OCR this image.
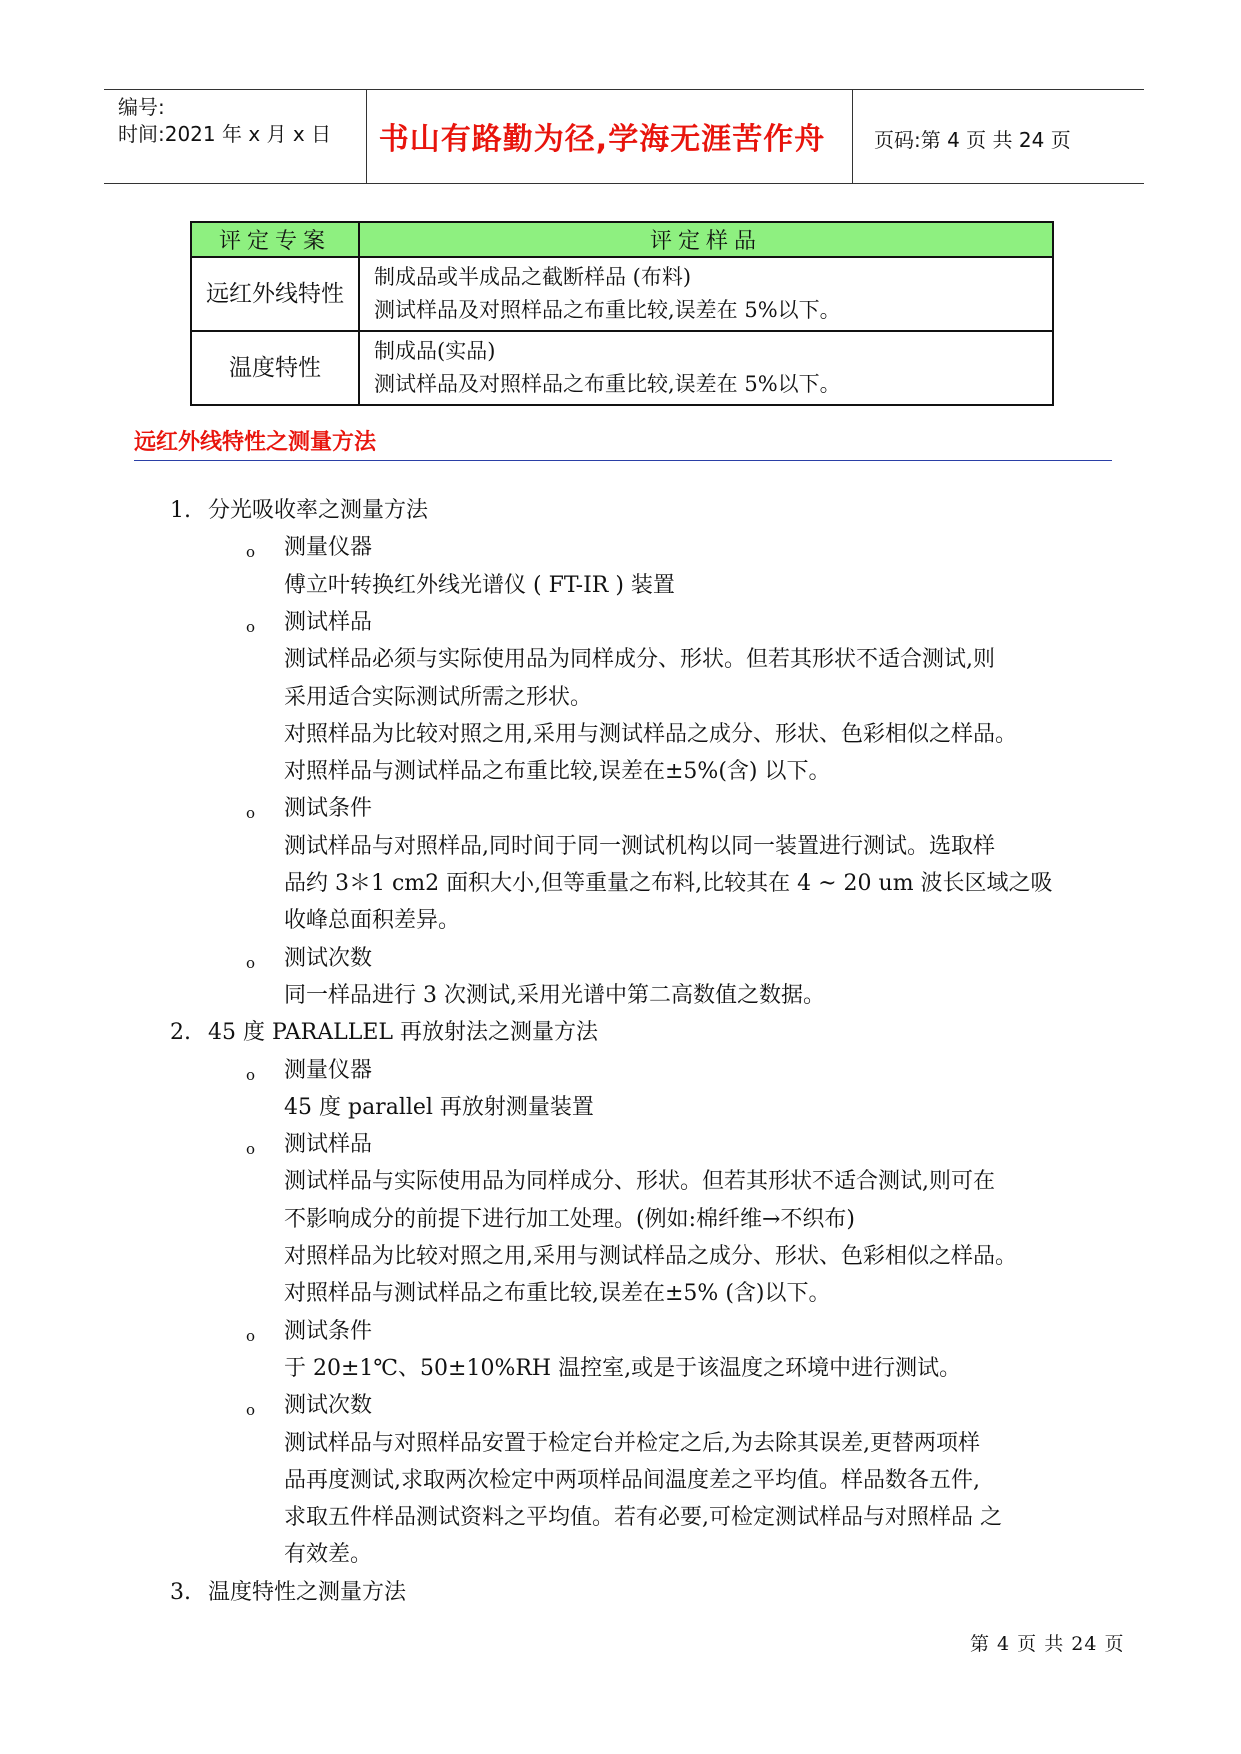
编号:
时间:2021 年 x 月 x 日	书山有路勤为径,学海无涯苦作舟	页码:第 4 页 共 24 页
评定专案	评定样品
远红外线特性	制成品或半成品之截断样品 (布料)
测试样品及对照样品之布重比较,误差在 5%以下。

温度特性	制成品(实品)
测试样品及对照样品之布重比较,误差在 5%以下。
远红外线特性之测量方法
1. 分光吸收率之测量方法
o 测量仪器
傅立叶转换红外线光谱仪 ( FT-IR ) 装置
o 测试样品
测试样品必须与实际使用品为同样成分、形状。但若其形状不适合测试,则
采用适合实际测试所需之形状。
对照样品为比较对照之用,采用与测试样品之成分、形状、色彩相似之样品。
对照样品与测试样品之布重比较,误差在±5%(含) 以下。
o 测试条件
测试样品与对照样品,同时间于同一测试机构以同一装置进行测试。选取样
品约 3＊1 cm2 面积大小,但等重量之布料,比较其在 4 ~ 20 um 波长区域之吸
收峰总面积差异。
o 测试次数
同一样品进行 3 次测试,采用光谱中第二高数值之数据。
2. 45 度 PARALLEL 再放射法之测量方法
o 测量仪器
45 度 parallel 再放射测量装置
o 测试样品
测试样品与实际使用品为同样成分、形状。但若其形状不适合测试,则可在
不影响成分的前提下进行加工处理。(例如:棉纤维→不织布)
对照样品为比较对照之用,采用与测试样品之成分、形状、色彩相似之样品。
对照样品与测试样品之布重比较,误差在±5% (含)以下。
o 测试条件
于 20±1℃、50±10%RH 温控室,或是于该温度之环境中进行测试。
o 测试次数
测试样品与对照样品安置于检定台并检定之后,为去除其误差,更替两项样
品再度测试,求取两次检定中两项样品间温度差之平均值。样品数各五件,
求取五件样品测试资料之平均值。若有必要,可检定测试样品与对照样品 之
有效差。
3. 温度特性之测量方法
第 4 页 共 24 页
